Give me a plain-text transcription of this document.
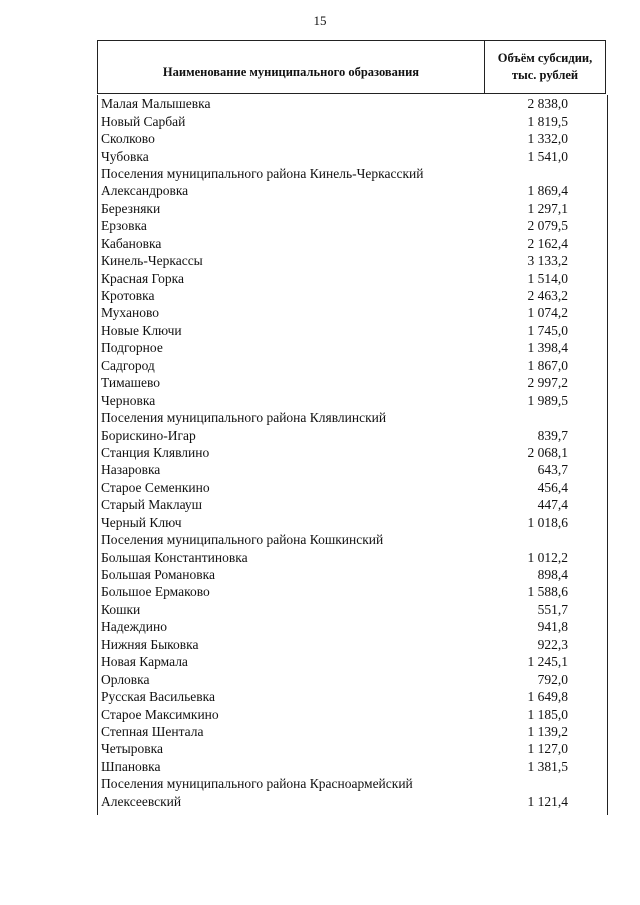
15
Наименование муниципального образования
Объём субсидии,
тыс. рублей
Малая Малышевка	2 838,0
Новый Сарбай	1 819,5
Сколково	1 332,0
Чубовка	1 541,0
Поселения муниципального района Кинель-Черкасский
Александровка	1 869,4
Березняки	1 297,1
Ерзовка	2 079,5
Кабановка	2 162,4
Кинель-Черкассы	3 133,2
Красная Горка	1 514,0
Кротовка	2 463,2
Муханово	1 074,2
Новые Ключи	1 745,0
Подгорное	1 398,4
Садгород	1 867,0
Тимашево	2 997,2
Черновка	1 989,5
Поселения муниципального района Клявлинский
Борискино-Игар	839,7
Станция Клявлино	2 068,1
Назаровка	643,7
Старое Семенкино	456,4
Старый Маклауш	447,4
Черный Ключ	1 018,6
Поселения муниципального района Кошкинский
Большая Константиновка	1 012,2
Большая Романовка	898,4
Большое Ермаково	1 588,6
Кошки	551,7
Надеждино	941,8
Нижняя Быковка	922,3
Новая Кармала	1 245,1
Орловка	792,0
Русская Васильевка	1 649,8
Старое Максимкино	1 185,0
Степная Шентала	1 139,2
Четыровка	1 127,0
Шпановка	1 381,5
Поселения муниципального района Красноармейский
Алексеевский	1 121,4
